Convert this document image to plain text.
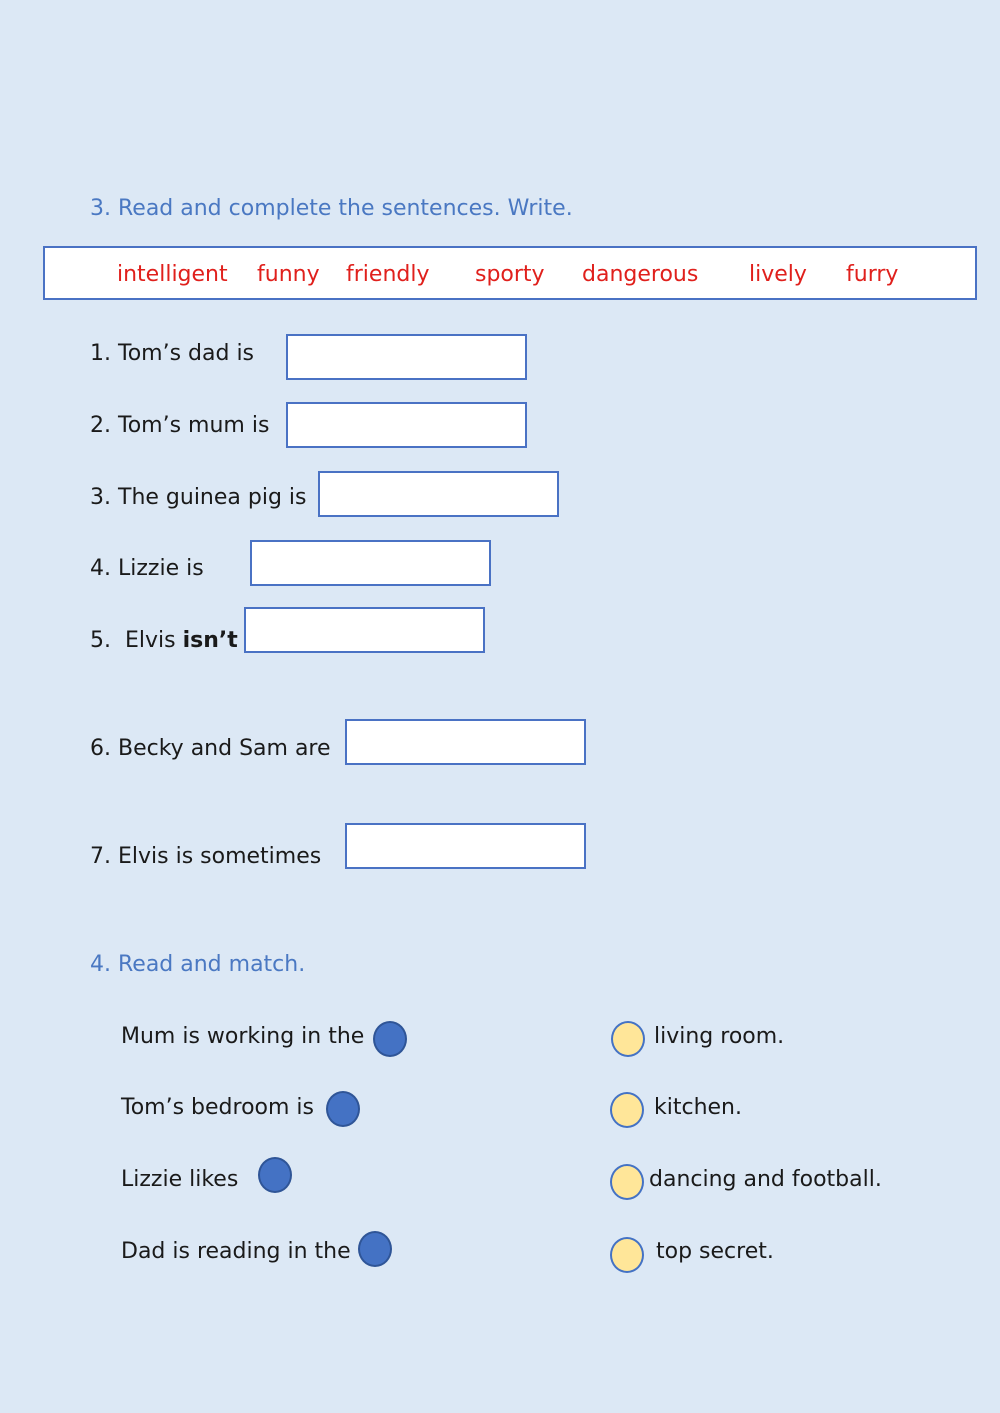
3. Read and complete the sentences. Write.
intelligent funny friendly sporty dangerous lively furry
1. Tom’s dad is
2. Tom’s mum is
3. The guinea pig is
4. Lizzie is
5.  Elvis isn’t
6. Becky and Sam are
7. Elvis is sometimes
4. Read and match.
Mum is working in the
Tom’s bedroom is
Lizzie likes
Dad is reading in the
living room.
kitchen.
dancing and football.
top secret.
